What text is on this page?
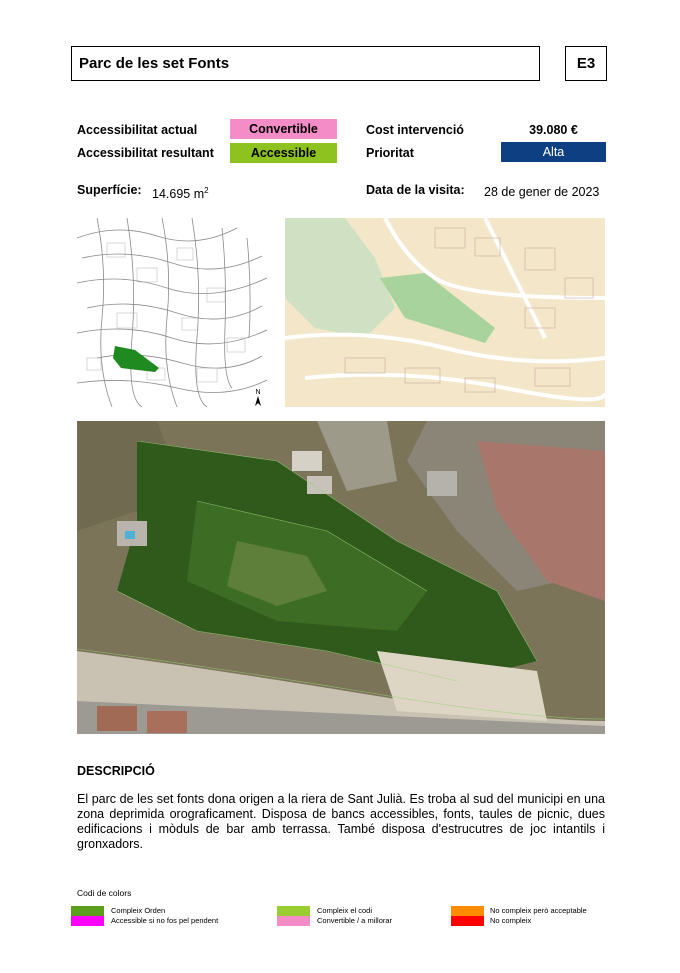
Parc de les set Fonts	E3
Accessibilitat actual	Convertible
Accessibilitat resultant	Accessible
Cost intervenció	39.080 €
Prioritat	Alta
Superfície: 14.695 $m^2$	Data de la visita: 28 de gener de 2023
N
DESCRIPCIÓ
El parc de les set fonts dona origen a la riera de Sant Julià. Es troba al sud del municipi en una zona deprimida orograficament. Disposa de bancs accessibles, fonts, taules de picnic, dues edificacions i mòduls de bar amb terrassa. També disposa d'estrucutres de joc intantils i gronxadors.
Codi de colors
Compleix Orden
Accessible si no fos pel pendent
Compleix el codi
Convertible / a millorar
No compleix però acceptable
No compleix
